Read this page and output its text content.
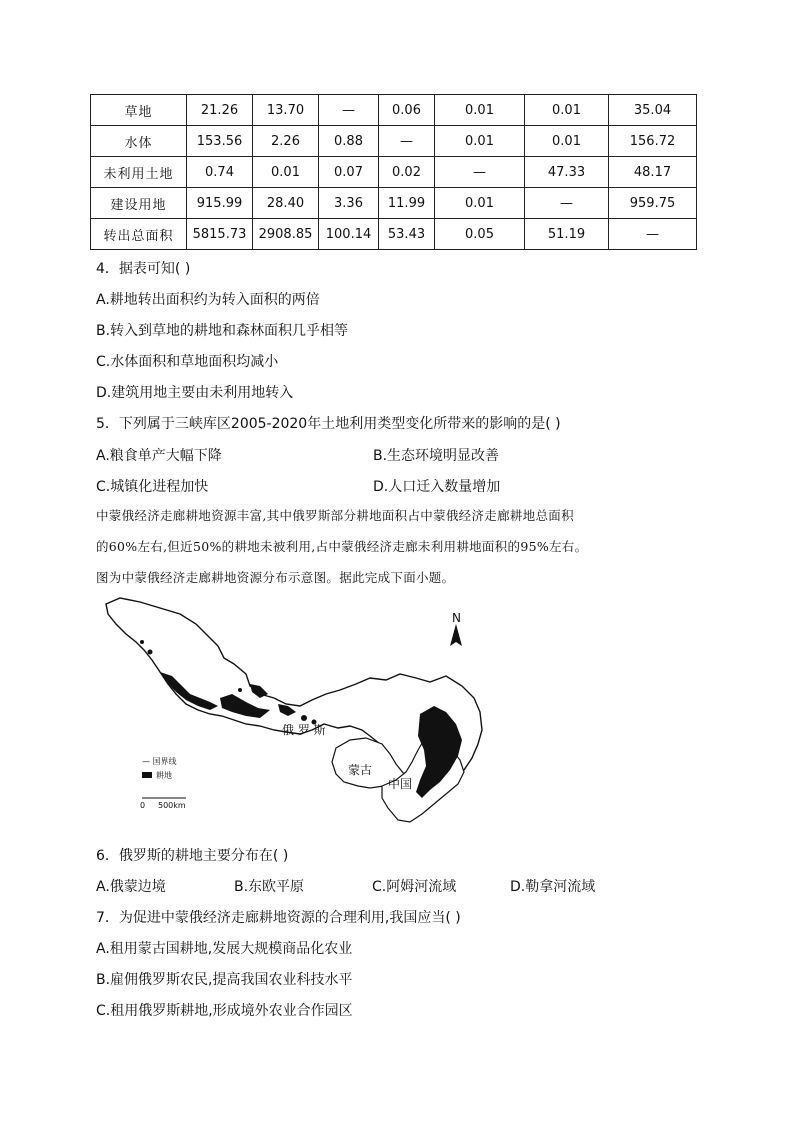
草地	21.26	13.70	—	0.06	0.01	0.01	35.04
水体	153.56	2.26	0.88	—	0.01	0.01	156.72
未利用土地	0.74	0.01	0.07	0.02	—	47.33	48.17
建设用地	915.99	28.40	3.36	11.99	0.01	—	959.75
转出总面积	5815.73	2908.85	100.14	53.43	0.05	51.19	—
4．据表可知( )
A.耕地转出面积约为转入面积的两倍
B.转入到草地的耕地和森林面积几乎相等
C.水体面积和草地面积均减小
D.建筑用地主要由未利用地转入
5．下列属于三峡库区2005-2020年土地利用类型变化所带来的影响的是( )
A.粮食单产大幅下降	B.生态环境明显改善
C.城镇化进程加快	D.人口迁入数量增加
中蒙俄经济走廊耕地资源丰富,其中俄罗斯部分耕地面积占中蒙俄经济走廊耕地总面积
的60%左右,但近50%的耕地未被利用,占中蒙俄经济走廊未利用耕地面积的95%左右。
图为中蒙俄经济走廊耕地资源分布示意图。据此完成下面小题。
N
俄 罗 斯
蒙古
中国
— 国界线
耕地
0 500km
6．俄罗斯的耕地主要分布在( )
A.俄蒙边境	B.东欧平原	C.阿姆河流域	D.勒拿河流域
7．为促进中蒙俄经济走廊耕地资源的合理利用,我国应当( )
A.租用蒙古国耕地,发展大规模商品化农业
B.雇佣俄罗斯农民,提高我国农业科技水平
C.租用俄罗斯耕地,形成境外农业合作园区
